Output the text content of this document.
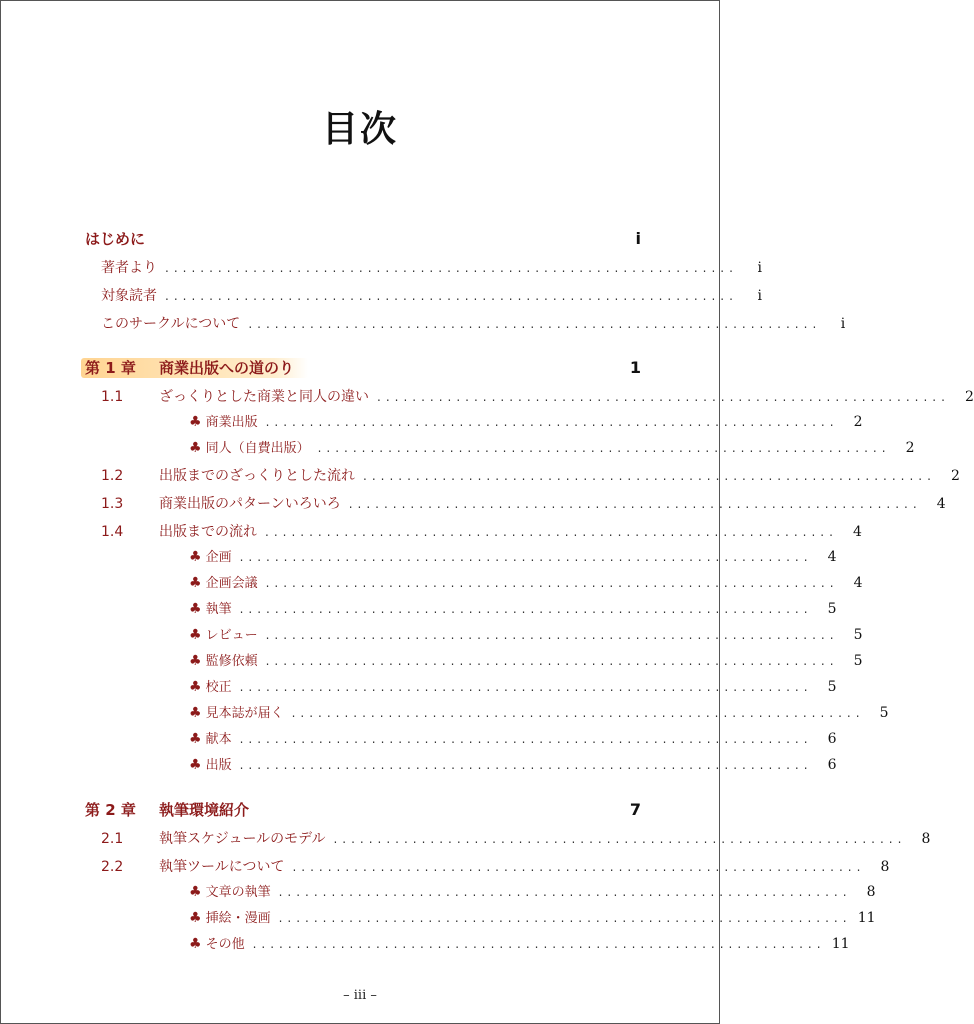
目次
はじめに	i
著者より .................................................................	i
対象読者 .................................................................	i
このサークルについて .................................................................	i
第 1 章	商業出版への道のり	1
1.1	ざっくりとした商業と同人の違い .................................................................	2
♣ 商業出版 .................................................................	2
♣ 同人（自費出版） .................................................................	2
1.2	出版までのざっくりとした流れ .................................................................	2
1.3	商業出版のパターンいろいろ .................................................................	4
1.4	出版までの流れ .................................................................	4
♣ 企画 .................................................................	4
♣ 企画会議 .................................................................	4
♣ 執筆 .................................................................	5
♣ レビュー .................................................................	5
♣ 監修依頼 .................................................................	5
♣ 校正 .................................................................	5
♣ 見本誌が届く .................................................................	5
♣ 献本 .................................................................	6
♣ 出版 .................................................................	6
第 2 章	執筆環境紹介	7
2.1	執筆スケジュールのモデル .................................................................	8
2.2	執筆ツールについて .................................................................	8
♣ 文章の執筆 .................................................................	8
♣ 挿絵・漫画 ................................................................. 11
♣ その他 ................................................................. 11
– iii –
